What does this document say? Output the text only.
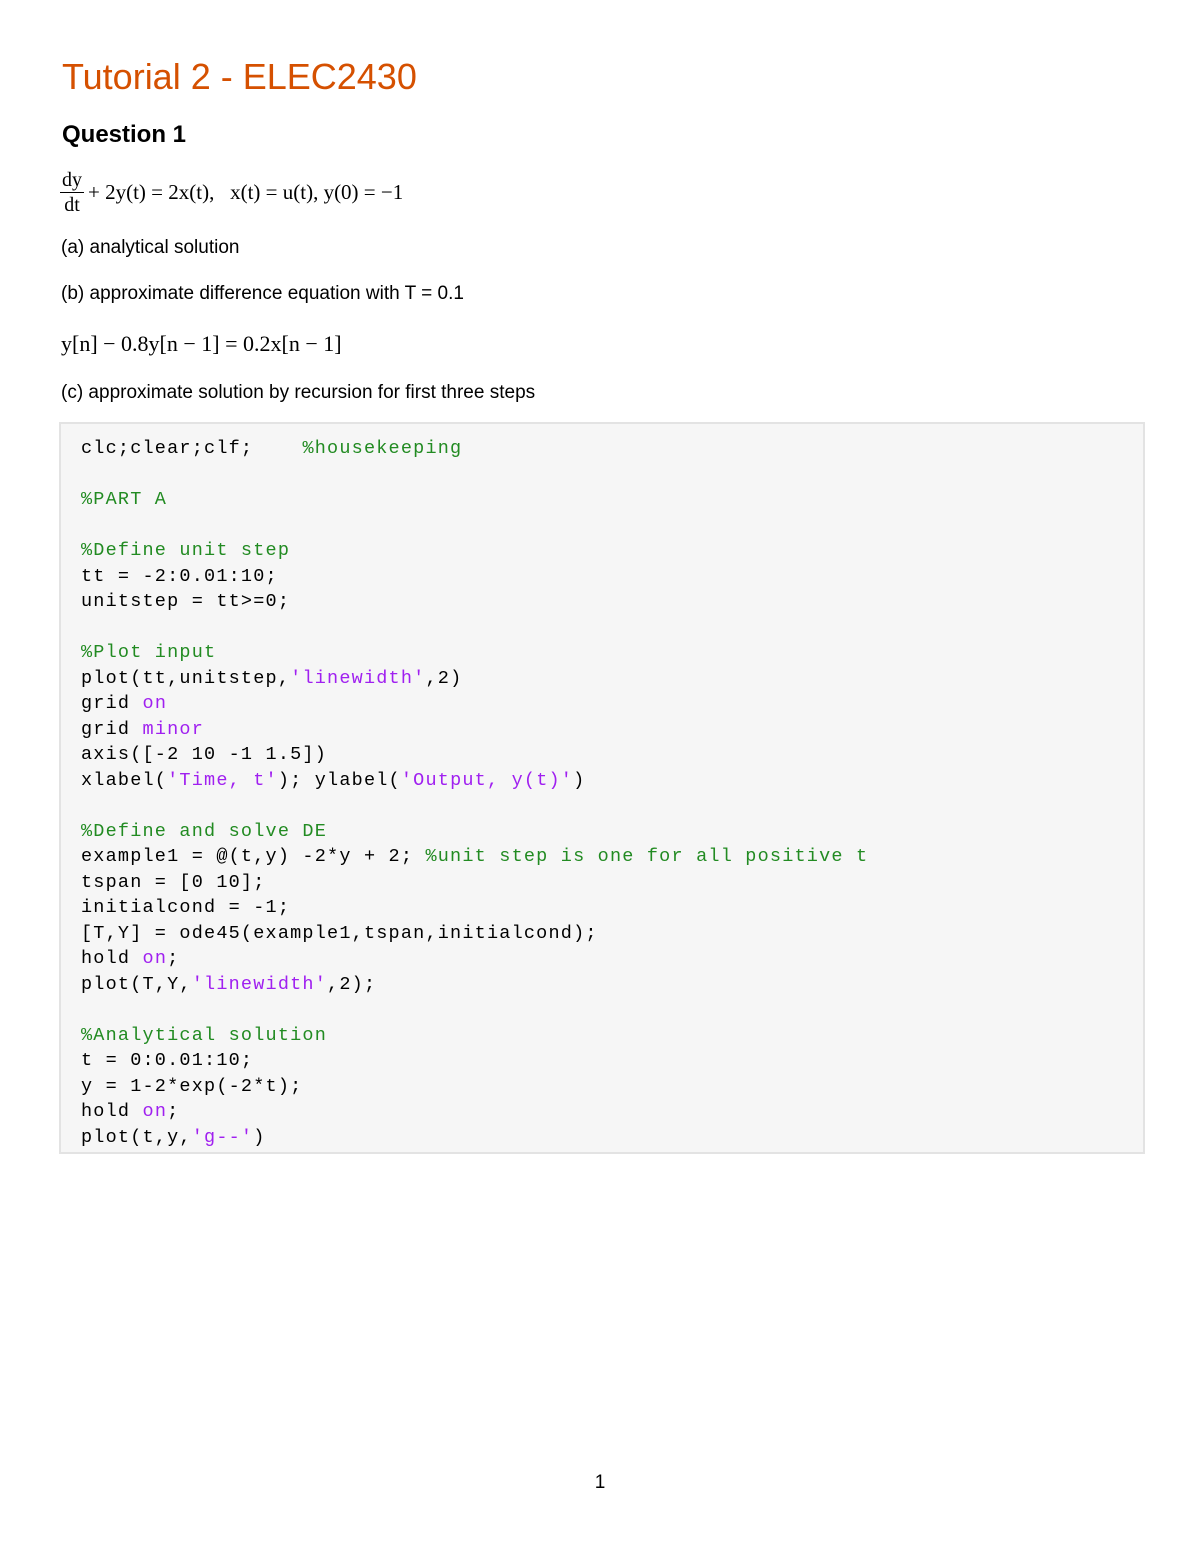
Tutorial 2 - ELEC2430
Question 1
$\frac{dy}{dt} + 2y(t) = 2x(t)$,   x(t) = u(t), y(0) = −1

(a) analytical solution

(b) approximate difference equation with T = 0.1

y[n] − 0.8y[n − 1] = 0.2x[n − 1]

(c) approximate solution by recursion for first three steps

clc;clear;clf;    %housekeeping
%PART A
%Define unit step
tt = -2:0.01:10;
unitstep = tt>=0;
%Plot input
plot(tt,unitstep,'linewidth',2)
grid on
grid minor
axis([-2 10 -1 1.5])
xlabel('Time, t'); ylabel('Output, y(t)')
%Define and solve DE
example1 = @(t,y) -2*y + 2; %unit step is one for all positive t
tspan = [0 10];
initialcond = -1;
[T,Y] = ode45(example1,tspan,initialcond);
hold on;
plot(T,Y,'linewidth',2);
%Analytical solution
t = 0:0.01:10;
y = 1-2*exp(-2*t);
hold on;
plot(t,y,'g--')
1
